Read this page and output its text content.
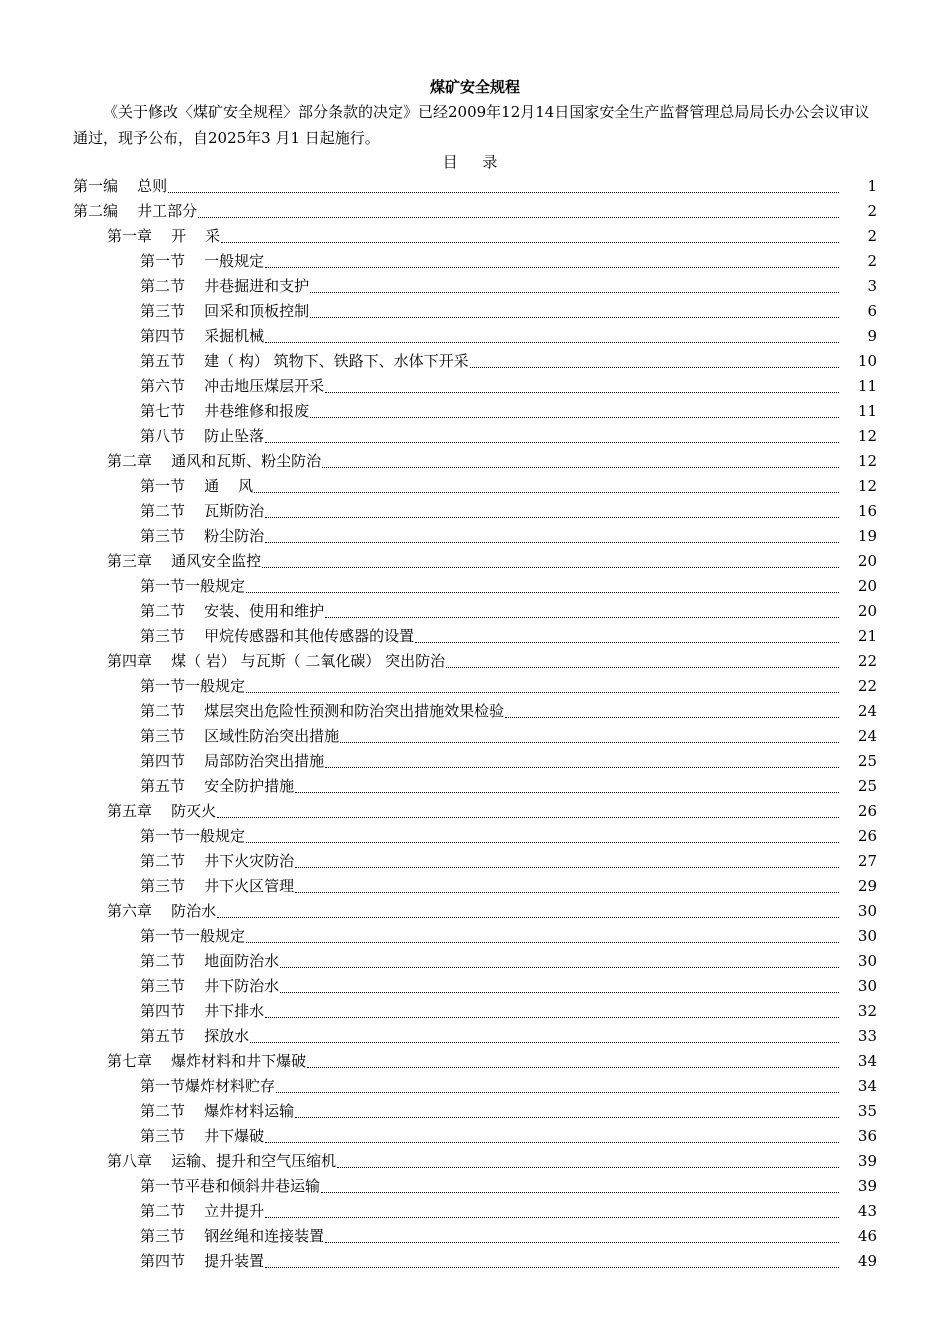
煤矿安全规程
《关于修改〈煤矿安全规程〉部分条款的决定》已经2009年12月14日国家安全生产监督管理总局局长办公会议审议通过，现予公布，自2025年3 月1 日起施行。
目 录
第一编    总则	1
第二编    井工部分	2
第一章    开    采	2
第一节    一般规定	2
第二节    井巷掘进和支护	3
第三节    回采和顶板控制	6
第四节    采掘机械	9
第五节    建（ 构） 筑物下、铁路下、水体下开采	10
第六节    冲击地压煤层开采	11
第七节    井巷维修和报废	11
第八节    防止坠落	12
第二章    通风和瓦斯、粉尘防治	12
第一节    通    风	12
第二节    瓦斯防治	16
第三节    粉尘防治	19
第三章    通风安全监控	20
第一节一般规定	20
第二节    安装、使用和维护	20
第三节    甲烷传感器和其他传感器的设置	21
第四章    煤（ 岩） 与瓦斯（ 二氧化碳） 突出防治	22
第一节一般规定	22
第二节    煤层突出危险性预测和防治突出措施效果检验	24
第三节    区域性防治突出措施	24
第四节    局部防治突出措施	25
第五节    安全防护措施	25
第五章    防灭火	26
第一节一般规定	26
第二节    井下火灾防治	27
第三节    井下火区管理	29
第六章    防治水	30
第一节一般规定	30
第二节    地面防治水	30
第三节    井下防治水	30
第四节    井下排水	32
第五节    探放水	33
第七章    爆炸材料和井下爆破	34
第一节爆炸材料贮存	34
第二节    爆炸材料运输	35
第三节    井下爆破	36
第八章    运输、提升和空气压缩机	39
第一节平巷和倾斜井巷运输	39
第二节    立井提升	43
第三节    钢丝绳和连接装置	46
第四节    提升装置	49
